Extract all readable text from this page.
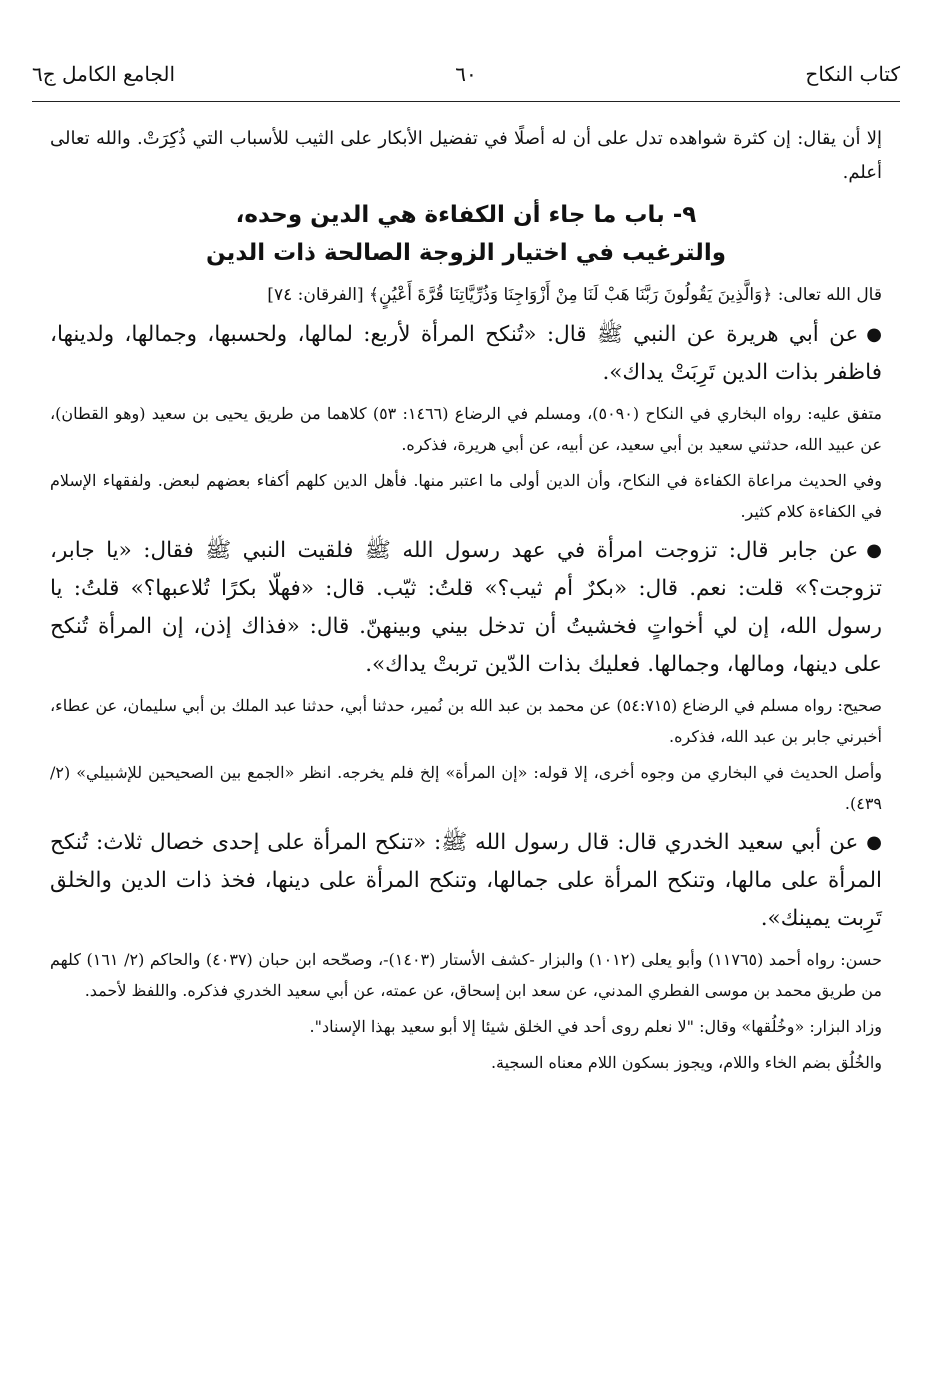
كتاب النكاح
٦٠
الجامع الكامل ج٦

إلا أن يقال: إن كثرة شواهده تدل على أن له أصلًا في تفضيل الأبكار على الثيب للأسباب التي ذُكِرَتْ. والله تعالى أعلم.

٩- باب ما جاء أن الكفاءة هي الدين وحده،
والترغيب في اختيار الزوجة الصالحة ذات الدين

قال الله تعالى: ﴿وَالَّذِينَ يَقُولُونَ رَبَّنَا هَبْ لَنَا مِنْ أَزْوَاجِنَا وَذُرِّيَّاتِنَا قُرَّةَ أَعْيُنٍ﴾ [الفرقان: ٧٤]

●عن أبي هريرة عن النبي ﷺ قال: «تُنكح المرأة لأربع: لمالها، ولحسبها، وجمالها، ولدينها، فاظفر بذات الدين تَرِبَتْ يداك».

متفق عليه: رواه البخاري في النكاح (٥٠٩٠)، ومسلم في الرضاع (١٤٦٦: ٥٣) كلاهما من طريق يحيى بن سعيد (وهو القطان)، عن عبيد الله، حدثني سعيد بن أبي سعيد، عن أبيه، عن أبي هريرة، فذكره.

وفي الحديث مراعاة الكفاءة في النكاح، وأن الدين أولى ما اعتبر منها. فأهل الدين كلهم أكفاء بعضهم لبعض. ولفقهاء الإسلام في الكفاءة كلام كثير.

●عن جابر قال: تزوجت امرأة في عهد رسول الله ﷺ فلقيت النبي ﷺ فقال: «يا جابر، تزوجت؟» قلت: نعم. قال: «بكرٌ أم ثيب؟» قلتُ: ثيّب. قال: «فهلّا بكرًا تُلاعبها؟» قلتُ: يا رسول الله، إن لي أخواتٍ فخشيتُ أن تدخل بيني وبينهنّ. قال: «فذاك إذن، إن المرأة تُنكح على دينها، ومالها، وجمالها. فعليك بذات الدّين تربتْ يداك».

صحيح: رواه مسلم في الرضاع (٥٤:٧١٥) عن محمد بن عبد الله بن نُمير، حدثنا أبي، حدثنا عبد الملك بن أبي سليمان، عن عطاء، أخبرني جابر بن عبد الله، فذكره.

وأصل الحديث في البخاري من وجوه أخرى، إلا قوله: «إن المرأة» إلخ فلم يخرجه. انظر «الجمع بين الصحيحين للإشبيلي» (٢/ ٤٣٩).

●عن أبي سعيد الخدري قال: قال رسول الله ﷺ: «تنكح المرأة على إحدى خصال ثلاث: تُنكح المرأة على مالها، وتنكح المرأة على جمالها، وتنكح المرأة على دينها، فخذ ذات الدين والخلق تَرِبت يمينك».

حسن: رواه أحمد (١١٧٦٥) وأبو يعلى (١٠١٢) والبزار -كشف الأستار (١٤٠٣)-، وصحّحه ابن حبان (٤٠٣٧) والحاكم (٢/ ١٦١) كلهم من طريق محمد بن موسى الفطري المدني، عن سعد ابن إسحاق، عن عمته، عن أبي سعيد الخدري فذكره. واللفظ لأحمد.

وزاد البزار: «وخُلُقها» وقال: "لا نعلم روى أحد في الخلق شيئا إلا أبو سعيد بهذا الإسناد".

والخُلُق بضم الخاء واللام، ويجوز بسكون اللام معناه السجية.
